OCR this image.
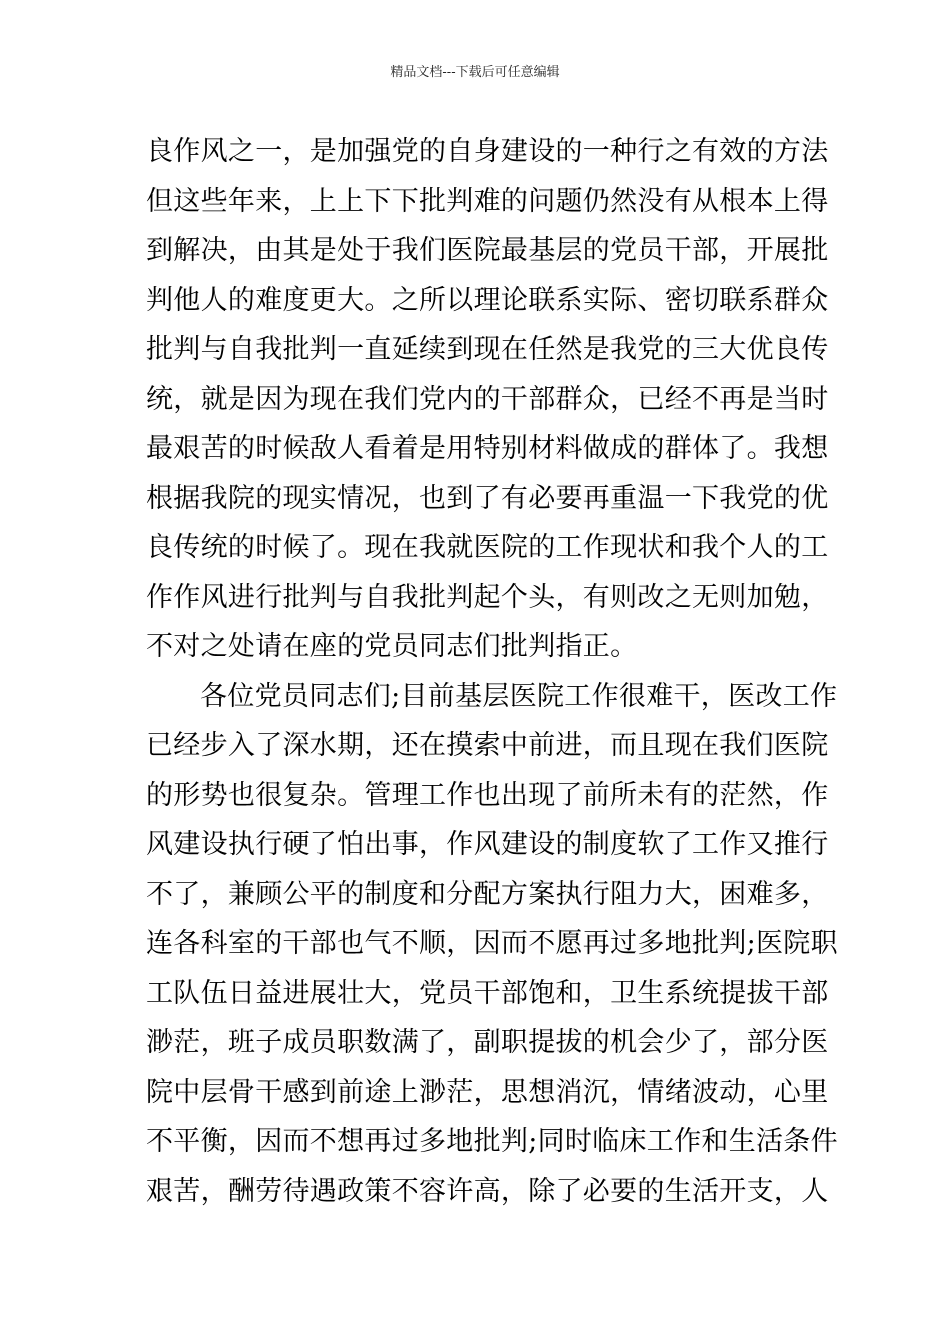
精品文档---下载后可任意编辑
良作风之一，是加强党的自身建设的一种行之有效的方法
但这些年来，上上下下批判难的问题仍然没有从根本上得
到解决，由其是处于我们医院最基层的党员干部，开展批
判他人的难度更大。之所以理论联系实际、密切联系群众
批判与自我批判一直延续到现在任然是我党的三大优良传
统，就是因为现在我们党内的干部群众，已经不再是当时
最艰苦的时候敌人看着是用特别材料做成的群体了。我想
根据我院的现实情况，也到了有必要再重温一下我党的优
良传统的时候了。现在我就医院的工作现状和我个人的工
作作风进行批判与自我批判起个头，有则改之无则加勉，
不对之处请在座的党员同志们批判指正。
各位党员同志们;目前基层医院工作很难干，医改工作
已经步入了深水期，还在摸索中前进，而且现在我们医院
的形势也很复杂。管理工作也出现了前所未有的茫然，作
风建设执行硬了怕出事，作风建设的制度软了工作又推行
不了，兼顾公平的制度和分配方案执行阻力大，困难多，
连各科室的干部也气不顺，因而不愿再过多地批判;医院职
工队伍日益进展壮大，党员干部饱和，卫生系统提拔干部
渺茫，班子成员职数满了，副职提拔的机会少了，部分医
院中层骨干感到前途上渺茫，思想消沉，情绪波动，心里
不平衡，因而不想再过多地批判;同时临床工作和生活条件
艰苦，酬劳待遇政策不容许高，除了必要的生活开支，人
